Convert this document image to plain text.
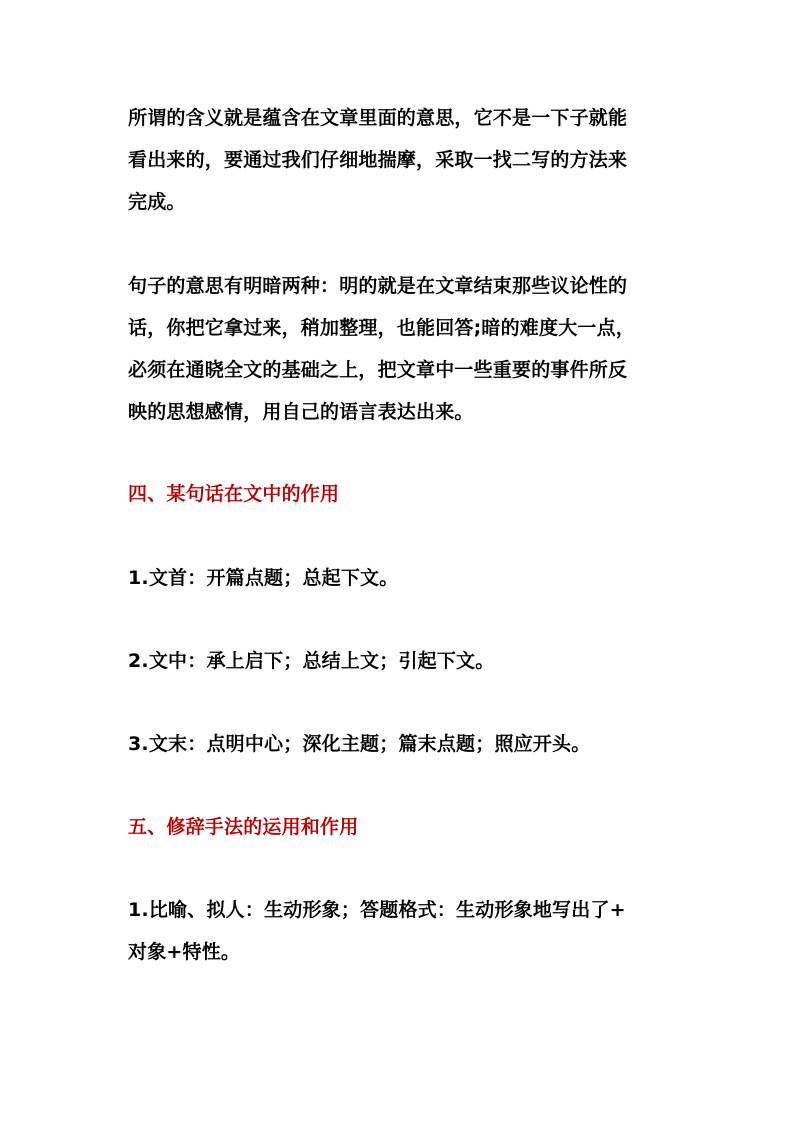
所谓的含义就是蕴含在文章里面的意思，它不是一下子就能
看出来的，要通过我们仔细地揣摩，采取一找二写的方法来
完成。
句子的意思有明暗两种：明的就是在文章结束那些议论性的
话，你把它拿过来，稍加整理，也能回答;暗的难度大一点，
必须在通晓全文的基础之上，把文章中一些重要的事件所反
映的思想感情，用自己的语言表达出来。
四、某句话在文中的作用
1.文首：开篇点题；总起下文。
2.文中：承上启下；总结上文；引起下文。
3.文末：点明中心；深化主题；篇末点题；照应开头。
五、修辞手法的运用和作用
1.比喻、拟人：生动形象；答题格式：生动形象地写出了+
对象+特性。
